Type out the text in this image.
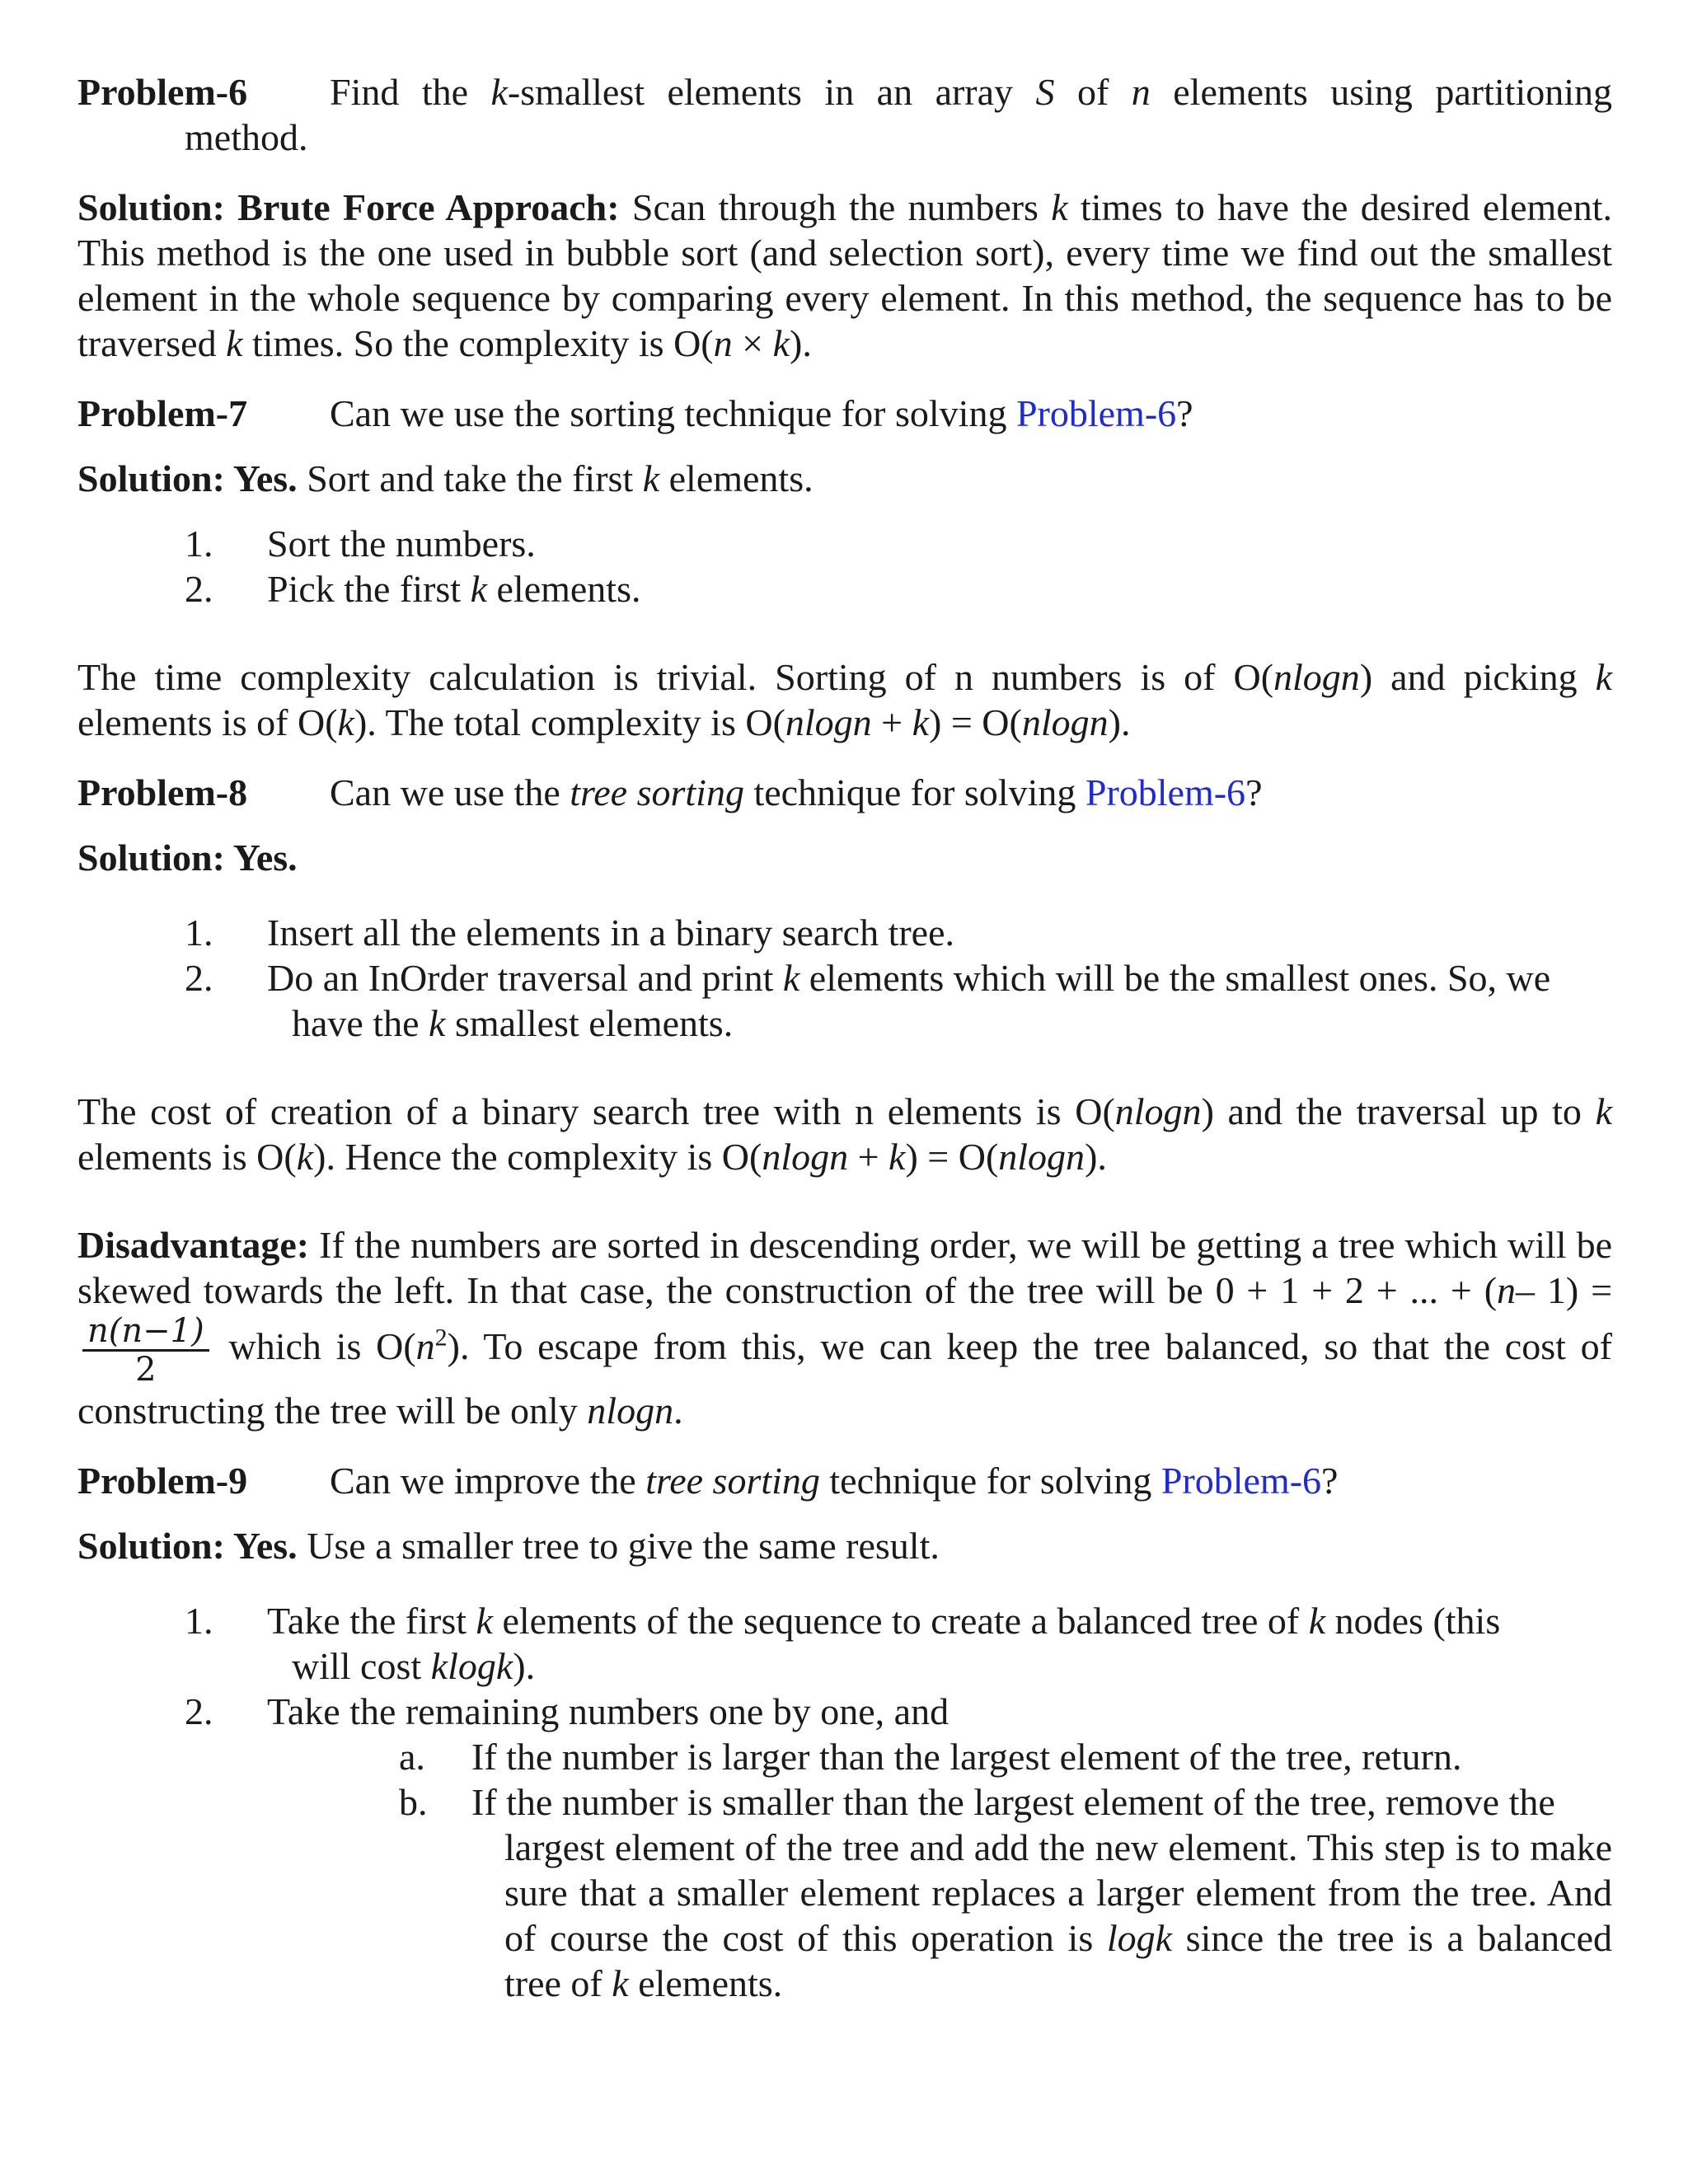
Problem-6 Find the k-smallest elements in an array S of n elements using partitioning
method.

Solution: Brute Force Approach: Scan through the numbers k times to have the desired element. This method is the one used in bubble sort (and selection sort), every time we find out the smallest element in the whole sequence by comparing every element. In this method, the sequence has to be traversed k times. So the complexity is O(n × k).

Problem-7 Can we use the sorting technique for solving Problem-6?

Solution: Yes. Sort and take the first k elements.

1. Sort the numbers.
2. Pick the first k elements.

The time complexity calculation is trivial. Sorting of n numbers is of O(nlogn) and picking k elements is of O(k). The total complexity is O(nlogn + k) = O(nlogn).

Problem-8 Can we use the tree sorting technique for solving Problem-6?

Solution: Yes.

1. Insert all the elements in a binary search tree.
2. Do an InOrder traversal and print k elements which will be the smallest ones. So, we
have the k smallest elements.

The cost of creation of a binary search tree with n elements is O(nlogn) and the traversal up to k elements is O(k). Hence the complexity is O(nlogn + k) = O(nlogn).

Disadvantage: If the numbers are sorted in descending order, we will be getting a tree which will be skewed towards the left. In that case, the construction of the tree will be 0 + 1 + 2 + ... + (n– 1) =
$\frac{n(n-1)}{2}$ which is $O(n^2)$. To escape from this, we can keep the tree balanced, so that the cost of constructing the tree will be only nlogn.

Problem-9 Can we improve the tree sorting technique for solving Problem-6?

Solution: Yes. Use a smaller tree to give the same result.

1. Take the first k elements of the sequence to create a balanced tree of k nodes (this
will cost klogk).
2. Take the remaining numbers one by one, and
a. If the number is larger than the largest element of the tree, return.
b. If the number is smaller than the largest element of the tree, remove the
largest element of the tree and add the new element. This step is to make sure that a smaller element replaces a larger element from the tree. And of course the cost of this operation is logk since the tree is a balanced tree of k elements.
